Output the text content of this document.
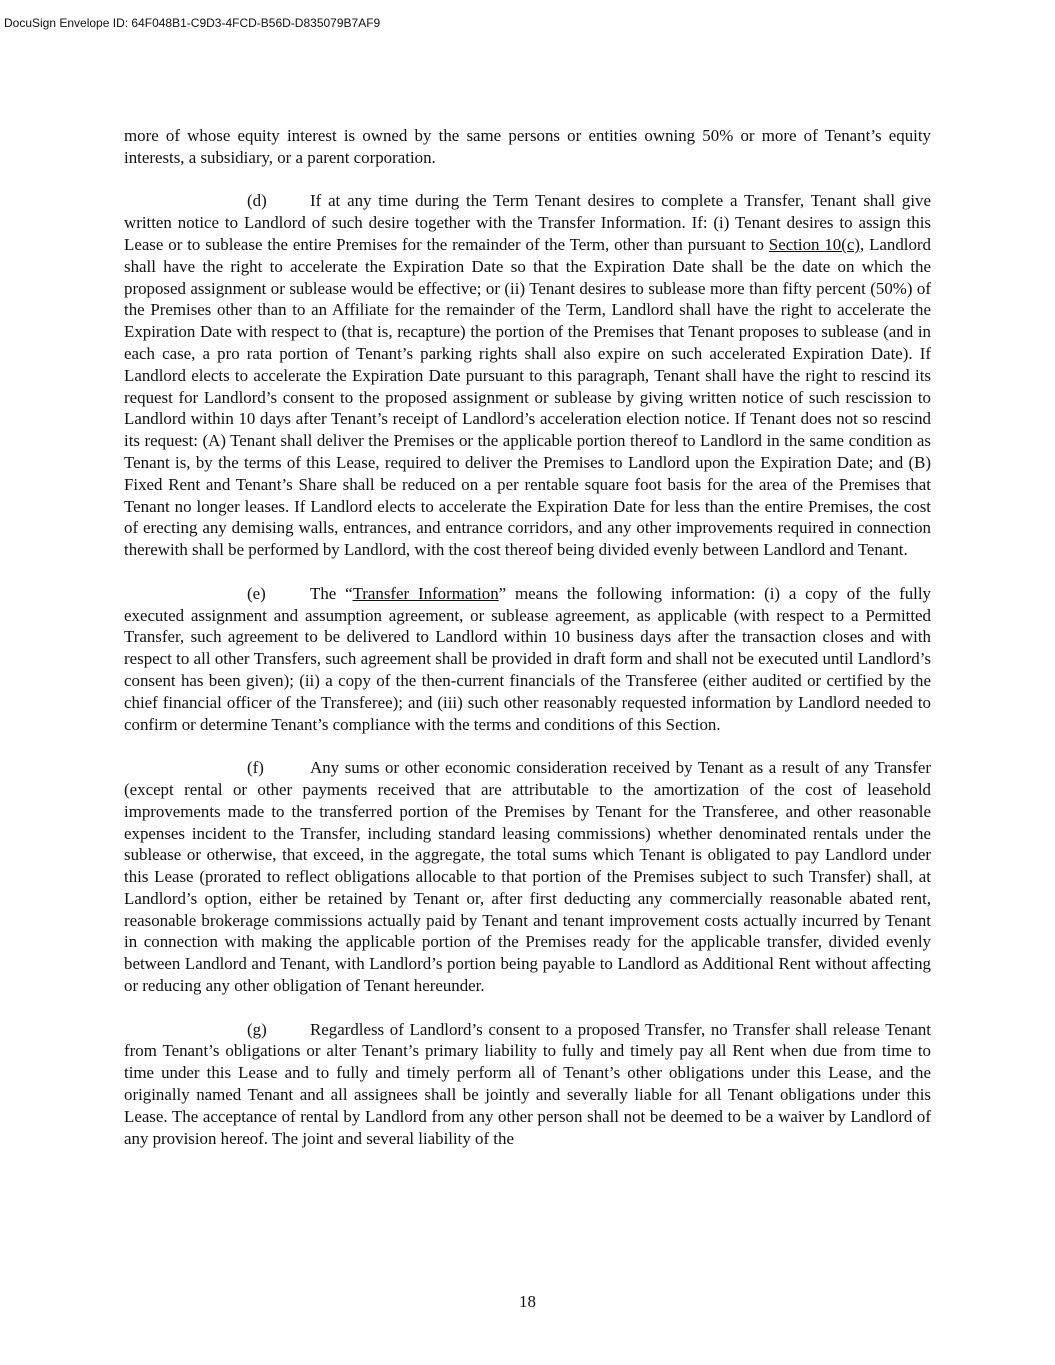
DocuSign Envelope ID: 64F048B1-C9D3-4FCD-B56D-D835079B7AF9

more of whose equity interest is owned by the same persons or entities owning 50% or more of Tenant’s equity interests, a subsidiary, or a parent corporation.

(d)	If at any time during the Term Tenant desires to complete a Transfer, Tenant shall give written notice to Landlord of such desire together with the Transfer Information. If: (i) Tenant desires to assign this Lease or to sublease the entire Premises for the remainder of the Term, other than pursuant to Section 10(c), Landlord shall have the right to accelerate the Expiration Date so that the Expiration Date shall be the date on which the proposed assignment or sublease would be effective; or (ii) Tenant desires to sublease more than fifty percent (50%) of the Premises other than to an Affiliate for the remainder of the Term, Landlord shall have the right to accelerate the Expiration Date with respect to (that is, recapture) the portion of the Premises that Tenant proposes to sublease (and in each case, a pro rata portion of Tenant’s parking rights shall also expire on such accelerated Expiration Date). If Landlord elects to accelerate the Expiration Date pursuant to this paragraph, Tenant shall have the right to rescind its request for Landlord’s consent to the proposed assignment or sublease by giving written notice of such rescission to Landlord within 10 days after Tenant’s receipt of Landlord’s acceleration election notice. If Tenant does not so rescind its request: (A) Tenant shall deliver the Premises or the applicable portion thereof to Landlord in the same condition as Tenant is, by the terms of this Lease, required to deliver the Premises to Landlord upon the Expiration Date; and (B) Fixed Rent and Tenant’s Share shall be reduced on a per rentable square foot basis for the area of the Premises that Tenant no longer leases. If Landlord elects to accelerate the Expiration Date for less than the entire Premises, the cost of erecting any demising walls, entrances, and entrance corridors, and any other improvements required in connection therewith shall be performed by Landlord, with the cost thereof being divided evenly between Landlord and Tenant.

(e)	The “Transfer Information” means the following information: (i) a copy of the fully executed assignment and assumption agreement, or sublease agreement, as applicable (with respect to a Permitted Transfer, such agreement to be delivered to Landlord within 10 business days after the transaction closes and with respect to all other Transfers, such agreement shall be provided in draft form and shall not be executed until Landlord’s consent has been given); (ii) a copy of the then-current financials of the Transferee (either audited or certified by the chief financial officer of the Transferee); and (iii) such other reasonably requested information by Landlord needed to confirm or determine Tenant’s compliance with the terms and conditions of this Section.

(f)	Any sums or other economic consideration received by Tenant as a result of any Transfer (except rental or other payments received that are attributable to the amortization of the cost of leasehold improvements made to the transferred portion of the Premises by Tenant for the Transferee, and other reasonable expenses incident to the Transfer, including standard leasing commissions) whether denominated rentals under the sublease or otherwise, that exceed, in the aggregate, the total sums which Tenant is obligated to pay Landlord under this Lease (prorated to reflect obligations allocable to that portion of the Premises subject to such Transfer) shall, at Landlord’s option, either be retained by Tenant or, after first deducting any commercially reasonable abated rent, reasonable brokerage commissions actually paid by Tenant and tenant improvement costs actually incurred by Tenant in connection with making the applicable portion of the Premises ready for the applicable transfer, divided evenly between Landlord and Tenant, with Landlord’s portion being payable to Landlord as Additional Rent without affecting or reducing any other obligation of Tenant hereunder.

(g)	Regardless of Landlord’s consent to a proposed Transfer, no Transfer shall release Tenant from Tenant’s obligations or alter Tenant’s primary liability to fully and timely pay all Rent when due from time to time under this Lease and to fully and timely perform all of Tenant’s other obligations under this Lease, and the originally named Tenant and all assignees shall be jointly and severally liable for all Tenant obligations under this Lease. The acceptance of rental by Landlord from any other person shall not be deemed to be a waiver by Landlord of any provision hereof. The joint and several liability of the

18
